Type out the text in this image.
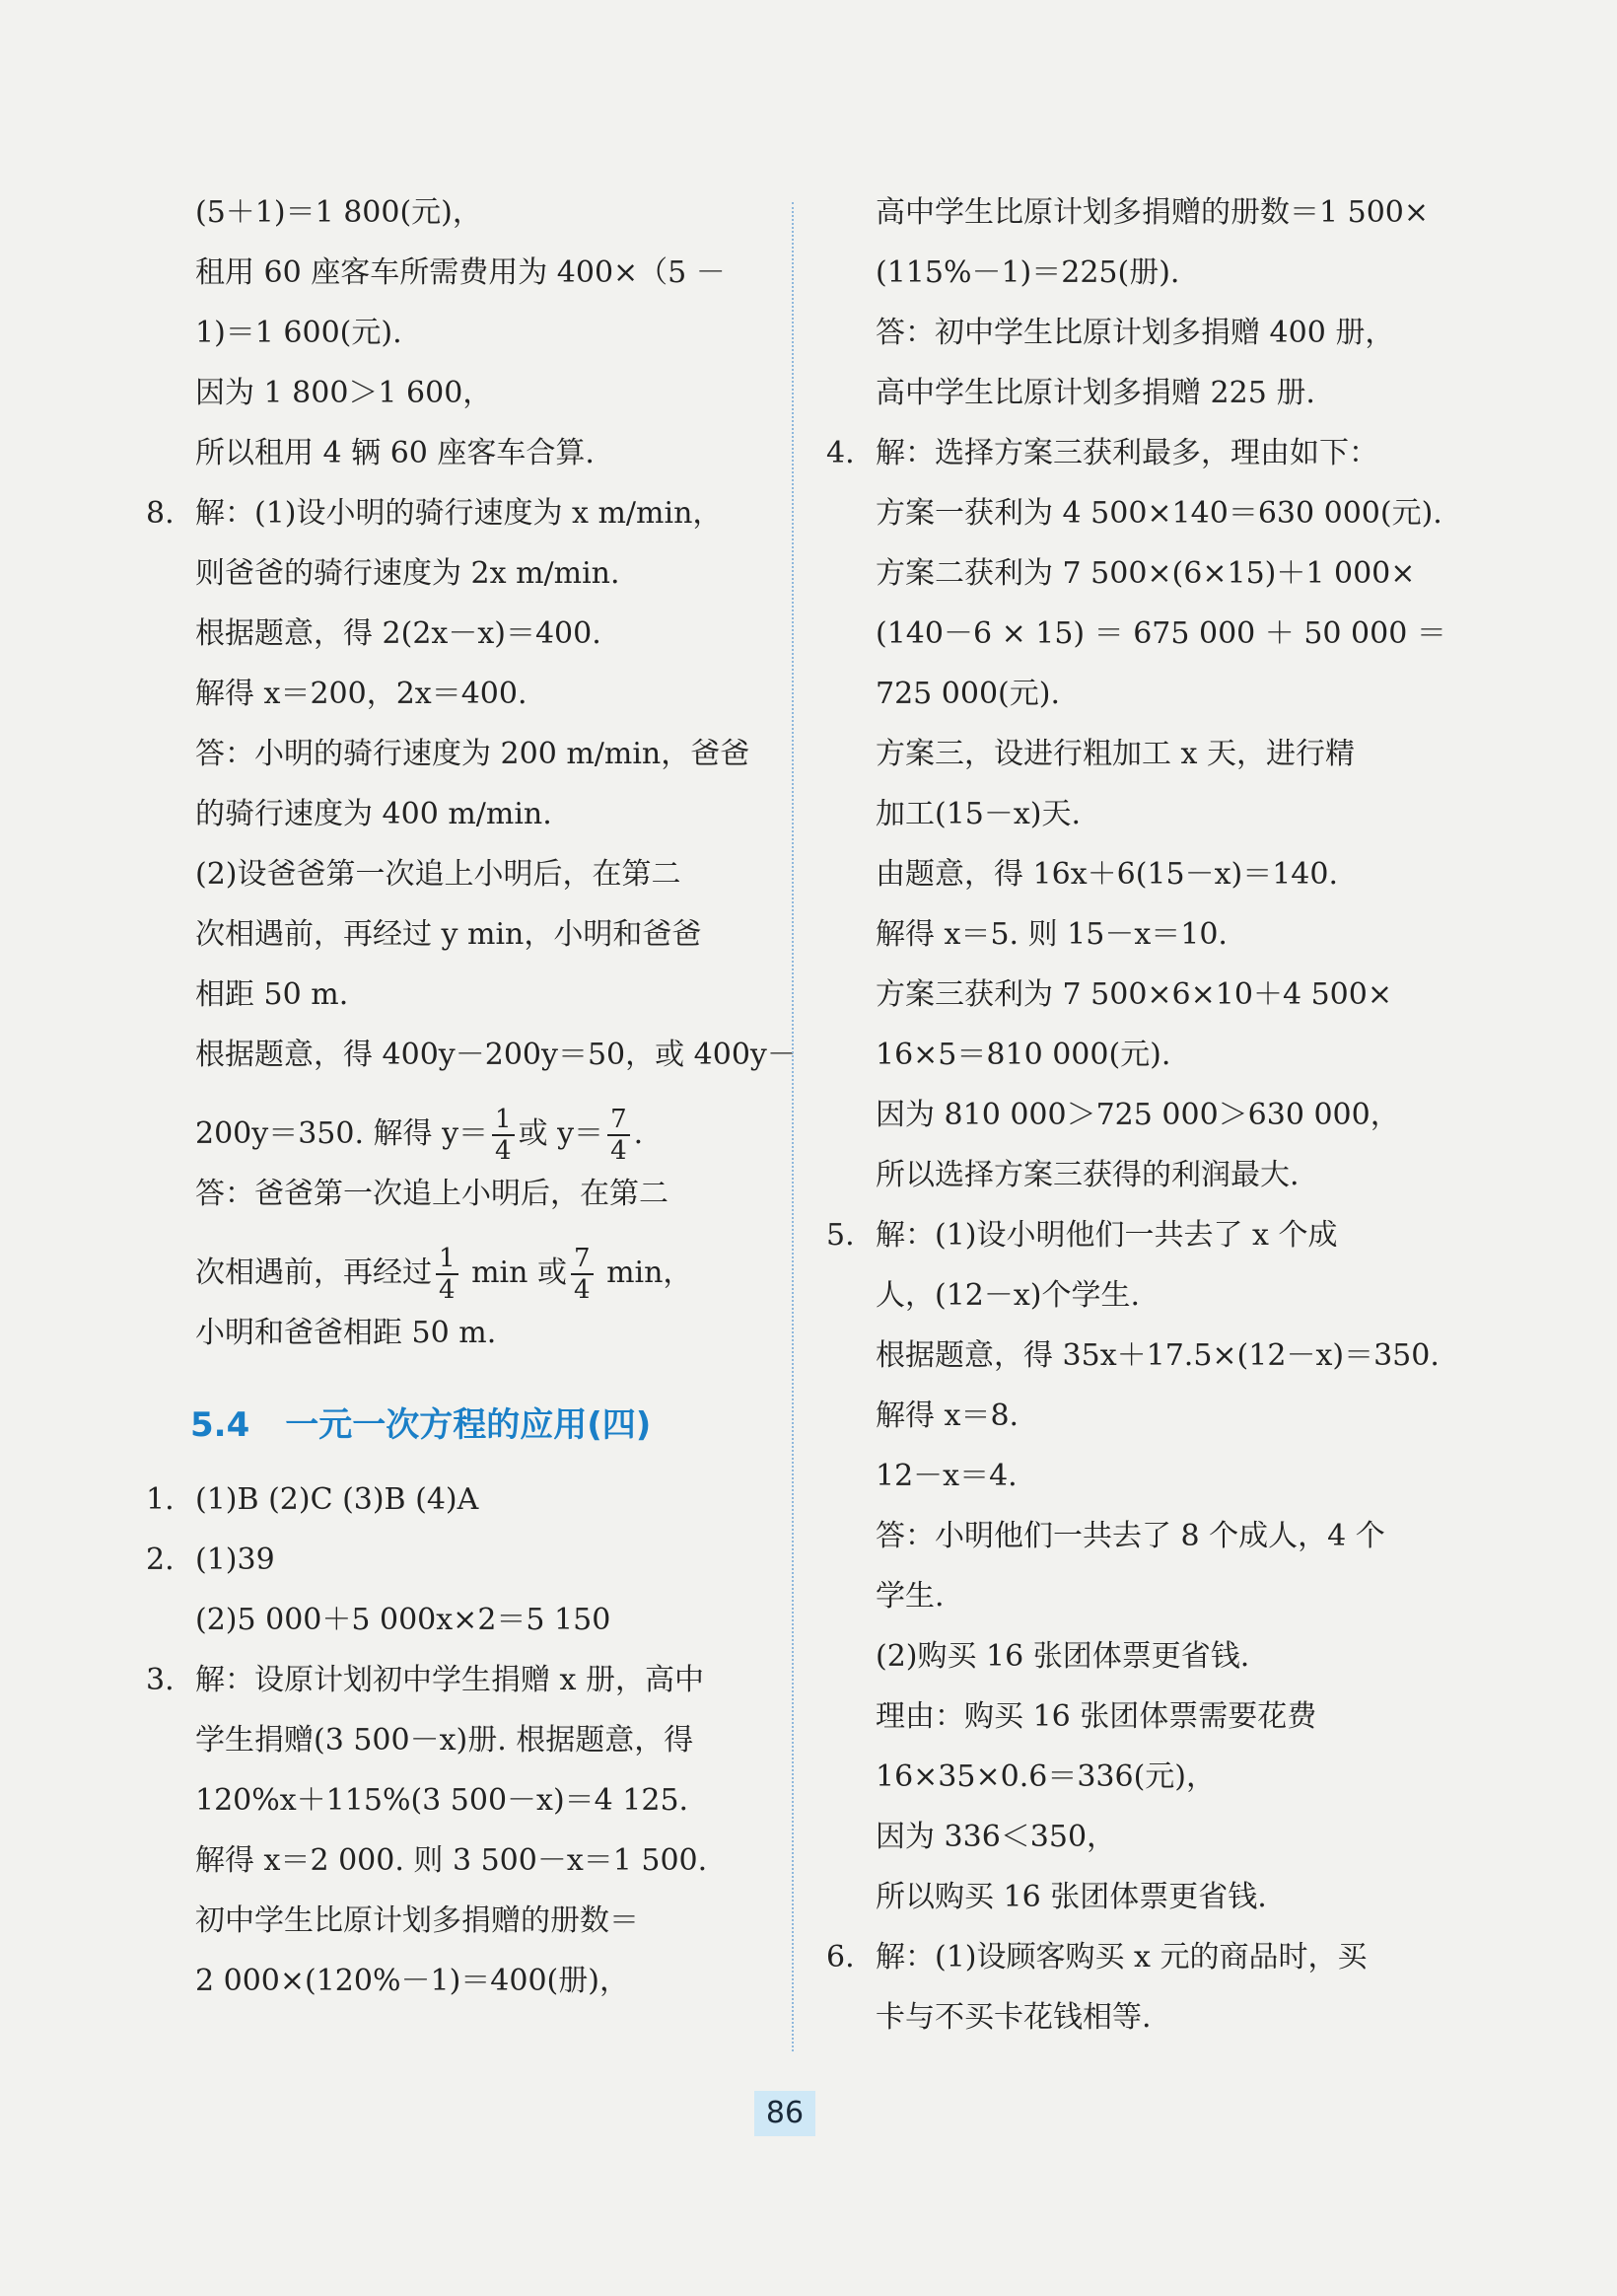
(5＋1)＝1 800(元)，
租用 60 座客车所需费用为 400×（5 －
1)＝1 600(元).
因为 1 800＞1 600，
所以租用 4 辆 60 座客车合算.
8. 解：(1)设小明的骑行速度为 x m/min，
则爸爸的骑行速度为 2x m/min.
根据题意，得 2(2x－x)＝400.
解得 x＝200，2x＝400.
答：小明的骑行速度为 200 m/min，爸爸
的骑行速度为 400 m/min.
(2)设爸爸第一次追上小明后，在第二
次相遇前，再经过 y min，小明和爸爸
相距 50 m.
根据题意，得 400y－200y＝50，或 400y－
200y＝350. 解得 $y= \frac{1}{4}$ 或 $y= \frac{7}{4}$ .
答：爸爸第一次追上小明后，在第二
次相遇前，再经过 $\frac{1}{4}$ min 或 $\frac{7}{4}$ min，
小明和爸爸相距 50 m.
5.4 一元一次方程的应用(四)
1. (1)B (2)C (3)B (4)A
2. (1)39
(2)5 000＋5 000x×2＝5 150
3. 解：设原计划初中学生捐赠 x 册，高中
学生捐赠(3 500－x)册. 根据题意，得
120%x＋115%(3 500－x)＝4 125.
解得 x＝2 000. 则 3 500－x＝1 500.
初中学生比原计划多捐赠的册数＝
2 000×(120%－1)＝400(册)，
高中学生比原计划多捐赠的册数＝1 500×
(115%－1)＝225(册).
答：初中学生比原计划多捐赠 400 册，
高中学生比原计划多捐赠 225 册.
4. 解：选择方案三获利最多，理由如下：
方案一获利为 4 500×140＝630 000(元).
方案二获利为 7 500×(6×15)＋1 000×
(140－6 × 15) ＝ 675 000 ＋ 50 000 ＝
725 000(元).
方案三，设进行粗加工 x 天，进行精
加工(15－x)天.
由题意，得 16x＋6(15－x)＝140.
解得 x＝5. 则 15－x＝10.
方案三获利为 7 500×6×10＋4 500×
16×5＝810 000(元).
因为 810 000＞725 000＞630 000，
所以选择方案三获得的利润最大.
5. 解：(1)设小明他们一共去了 x 个成
人，(12－x)个学生.
根据题意，得 35x＋17.5×(12－x)＝350.
解得 x＝8.
12－x＝4.
答：小明他们一共去了 8 个成人，4 个
学生.
(2)购买 16 张团体票更省钱.
理由：购买 16 张团体票需要花费
16×35×0.6＝336(元)，
因为 336＜350，
所以购买 16 张团体票更省钱.
6. 解：(1)设顾客购买 x 元的商品时，买
卡与不买卡花钱相等.
86
